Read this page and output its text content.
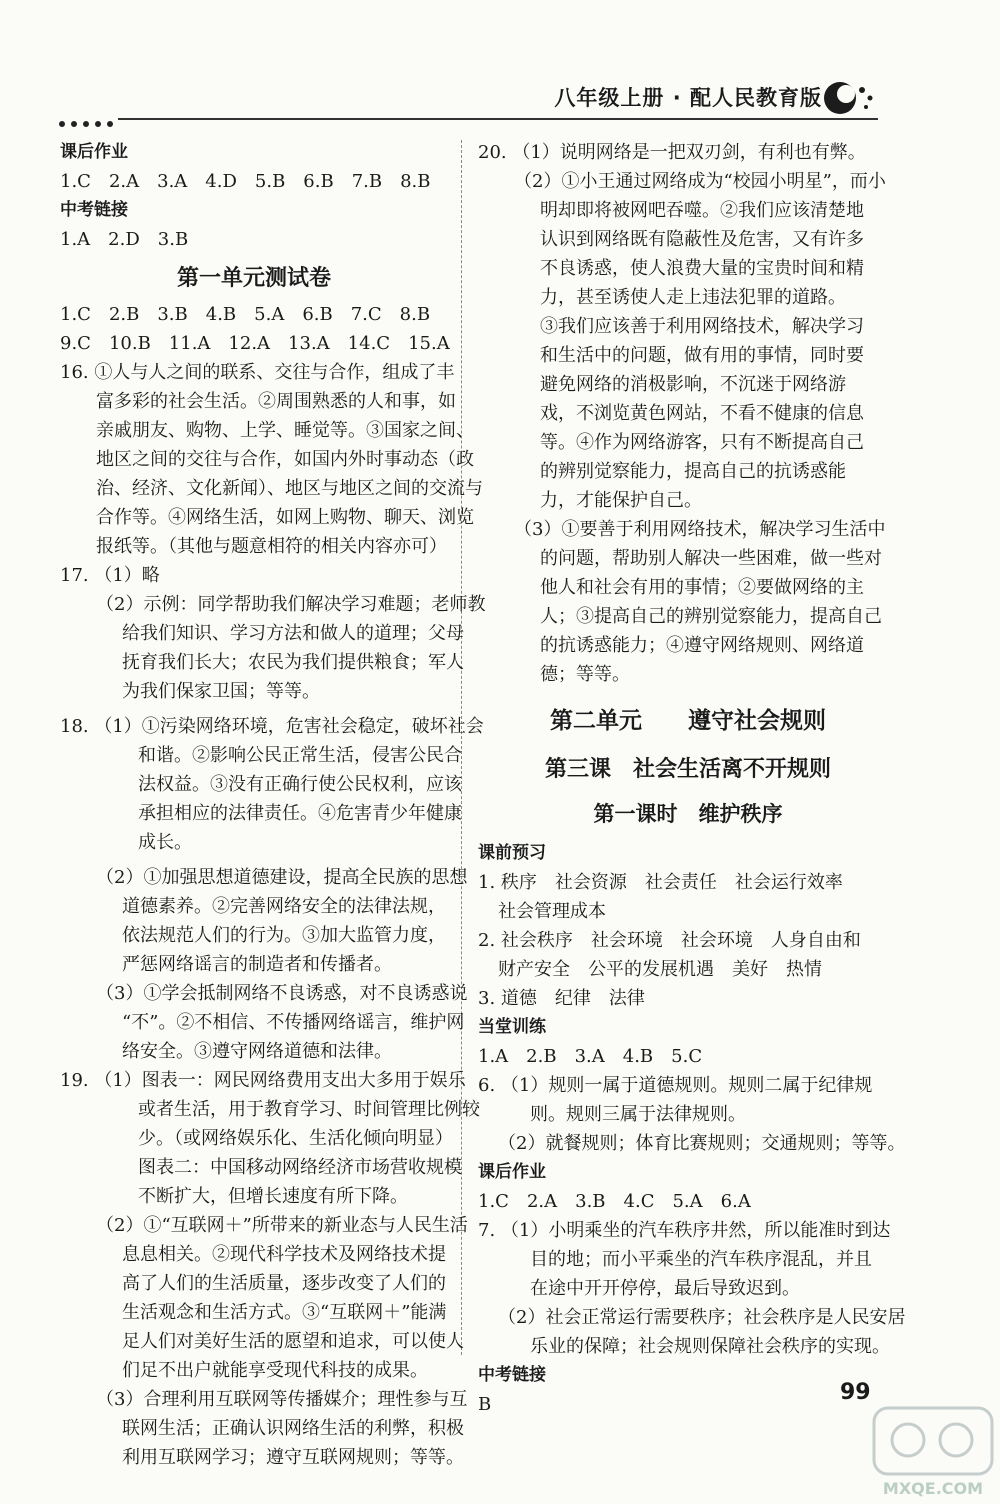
八年级上册 · 配人民教育版
课后作业
1.C　2.A　3.A　4.D　5.B　6.B　7.B　8.B
中考链接
1.A　2.D　3.B
第一单元测试卷
1.C　2.B　3.B　4.B　5.A　6.B　7.C　8.B
9.C　10.B　11.A　12.A　13.A　14.C　15.A
16. ①人与人之间的联系、交往与合作，组成了丰
富多彩的社会生活。②周围熟悉的人和事，如
亲戚朋友、购物、上学、睡觉等。③国家之间、
地区之间的交往与合作，如国内外时事动态（政
治、经济、文化新闻）、地区与地区之间的交流与
合作等。④网络生活，如网上购物、聊天、浏览
报纸等。（其他与题意相符的相关内容亦可）
17. （1）略
（2）示例：同学帮助我们解决学习难题；老师教
给我们知识、学习方法和做人的道理；父母
抚育我们长大；农民为我们提供粮食；军人
为我们保家卫国；等等。
18. （1）①污染网络环境，危害社会稳定，破坏社会
和谐。②影响公民正常生活，侵害公民合
法权益。③没有正确行使公民权利，应该
承担相应的法律责任。④危害青少年健康
成长。
（2）①加强思想道德建设，提高全民族的思想
道德素养。②完善网络安全的法律法规，
依法规范人们的行为。③加大监管力度，
严惩网络谣言的制造者和传播者。
（3）①学会抵制网络不良诱惑，对不良诱惑说
“不”。②不相信、不传播网络谣言，维护网
络安全。③遵守网络道德和法律。
19. （1）图表一：网民网络费用支出大多用于娱乐
或者生活，用于教育学习、时间管理比例较
少。（或网络娱乐化、生活化倾向明显）
图表二：中国移动网络经济市场营收规模
不断扩大，但增长速度有所下降。
（2）①“互联网＋”所带来的新业态与人民生活
息息相关。②现代科学技术及网络技术提
高了人们的生活质量，逐步改变了人们的
生活观念和生活方式。③“互联网＋”能满
足人们对美好生活的愿望和追求，可以使人
们足不出户就能享受现代科技的成果。
（3）合理利用互联网等传播媒介；理性参与互
联网生活；正确认识网络生活的利弊，积极
利用互联网学习；遵守互联网规则；等等。
20. （1）说明网络是一把双刃剑，有利也有弊。
（2）①小王通过网络成为“校园小明星”，而小
明却即将被网吧吞噬。②我们应该清楚地
认识到网络既有隐蔽性及危害，又有许多
不良诱惑，使人浪费大量的宝贵时间和精
力，甚至诱使人走上违法犯罪的道路。
③我们应该善于利用网络技术，解决学习
和生活中的问题，做有用的事情，同时要
避免网络的消极影响，不沉迷于网络游
戏，不浏览黄色网站，不看不健康的信息
等。④作为网络游客，只有不断提高自己
的辨别觉察能力，提高自己的抗诱惑能
力，才能保护自己。
（3）①要善于利用网络技术，解决学习生活中
的问题，帮助别人解决一些困难，做一些对
他人和社会有用的事情；②要做网络的主
人；③提高自己的辨别觉察能力，提高自己
的抗诱惑能力；④遵守网络规则、网络道
德；等等。
第二单元　　遵守社会规则
第三课　社会生活离不开规则
第一课时　维护秩序
课前预习
1. 秩序　社会资源　社会责任　社会运行效率
社会管理成本
2. 社会秩序　社会环境　社会环境　人身自由和
财产安全　公平的发展机遇　美好　热情
3. 道德　纪律　法律
当堂训练
1.A　2.B　3.A　4.B　5.C
6. （1）规则一属于道德规则。规则二属于纪律规
则。规则三属于法律规则。
（2）就餐规则；体育比赛规则；交通规则；等等。
课后作业
1.C　2.A　3.B　4.C　5.A　6.A
7. （1）小明乘坐的汽车秩序井然，所以能准时到达
目的地；而小平乘坐的汽车秩序混乱，并且
在途中开开停停，最后导致迟到。
（2）社会正常运行需要秩序；社会秩序是人民安居
乐业的保障；社会规则保障社会秩序的实现。
中考链接
B	99
MXQE.COM
